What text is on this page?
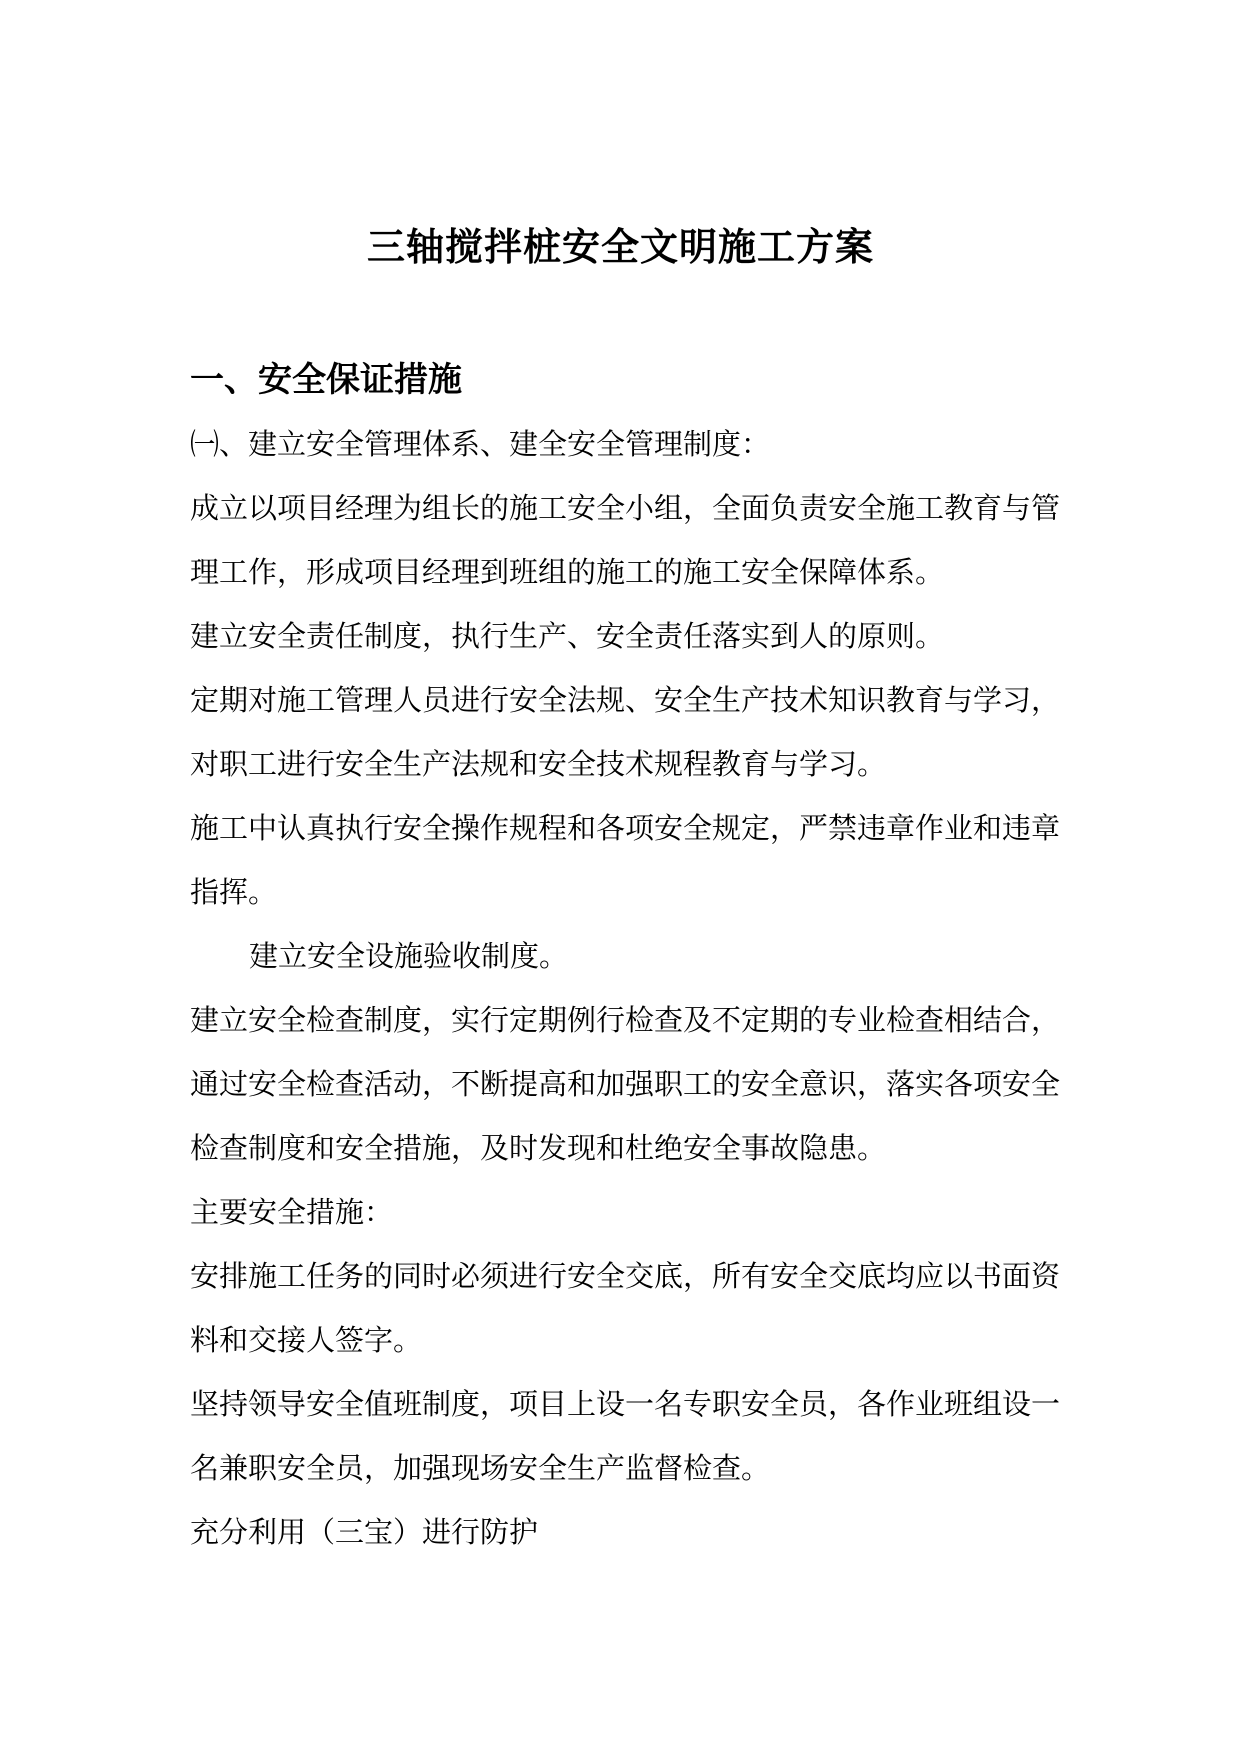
三轴搅拌桩安全文明施工方案
一、安全保证措施
㈠、建立安全管理体系、建全安全管理制度：
成立以项目经理为组长的施工安全小组，全面负责安全施工教育与管
理工作，形成项目经理到班组的施工的施工安全保障体系。
建立安全责任制度，执行生产、安全责任落实到人的原则。
定期对施工管理人员进行安全法规、安全生产技术知识教育与学习，
对职工进行安全生产法规和安全技术规程教育与学习。
施工中认真执行安全操作规程和各项安全规定，严禁违章作业和违章
指挥。
建立安全设施验收制度。
建立安全检查制度，实行定期例行检查及不定期的专业检查相结合，
通过安全检查活动，不断提高和加强职工的安全意识，落实各项安全
检查制度和安全措施，及时发现和杜绝安全事故隐患。
主要安全措施：
安排施工任务的同时必须进行安全交底，所有安全交底均应以书面资
料和交接人签字。
坚持领导安全值班制度，项目上设一名专职安全员，各作业班组设一
名兼职安全员，加强现场安全生产监督检查。
充分利用（三宝）进行防护
